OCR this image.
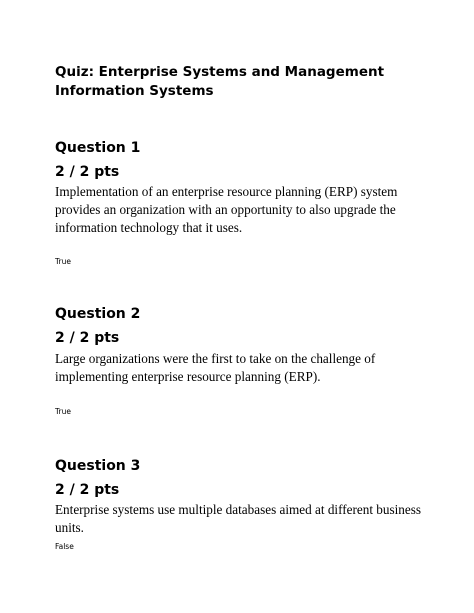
Quiz: Enterprise Systems and Management Information Systems
Question 1
2 / 2 pts

Implementation of an enterprise resource planning (ERP) system provides an organization with an opportunity to also upgrade the information technology that it uses.

True
Question 2
2 / 2 pts

Large organizations were the first to take on the challenge of implementing enterprise resource planning (ERP).

True
Question 3
2 / 2 pts

Enterprise systems use multiple databases aimed at different business units.

False
